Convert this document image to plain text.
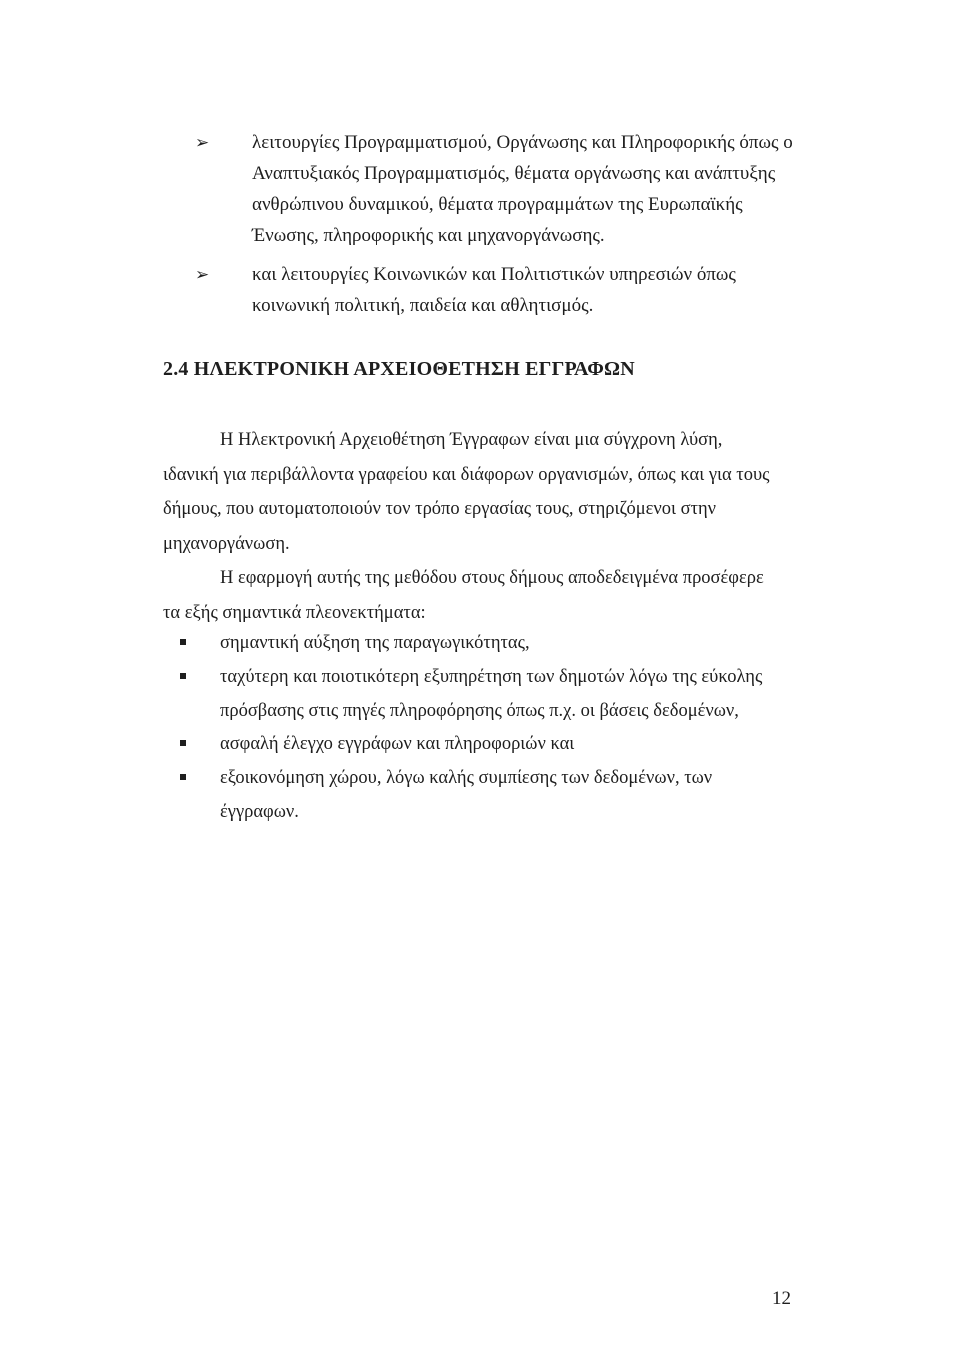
➢	λειτουργίες Προγραμματισμού, Οργάνωσης και Πληροφορικής όπως ο
Αναπτυξιακός Προγραμματισμός, θέματα οργάνωσης και ανάπτυξης
ανθρώπινου δυναμικού, θέματα προγραμμάτων της Ευρωπαϊκής
Ένωσης, πληροφορικής και μηχανοργάνωσης.
➢	και λειτουργίες Κοινωνικών και Πολιτιστικών υπηρεσιών όπως
κοινωνική πολιτική, παιδεία και αθλητισμός.
2.4 ΗΛΕΚΤΡΟΝΙΚΗ ΑΡΧΕΙΟΘΕΤΗΣΗ ΕΓΓΡΑΦΩΝ
Η Ηλεκτρονική Αρχειοθέτηση Έγγραφων είναι μια σύγχρονη λύση,
ιδανική για περιβάλλοντα γραφείου και διάφορων οργανισμών, όπως και για τους
δήμους, που αυτοματοποιούν τον τρόπο εργασίας τους, στηριζόμενοι στην
μηχανοργάνωση.
Η εφαρμογή αυτής της μεθόδου στους δήμους αποδεδειγμένα προσέφερε
τα εξής σημαντικά πλεονεκτήματα:
σημαντική αύξηση της παραγωγικότητας,
ταχύτερη και ποιοτικότερη εξυπηρέτηση των δημοτών λόγω της εύκολης
πρόσβασης στις πηγές πληροφόρησης όπως π.χ. οι βάσεις δεδομένων,
ασφαλή έλεγχο εγγράφων και πληροφοριών και
εξοικονόμηση χώρου, λόγω καλής συμπίεσης των δεδομένων, των
έγγραφων.
12
